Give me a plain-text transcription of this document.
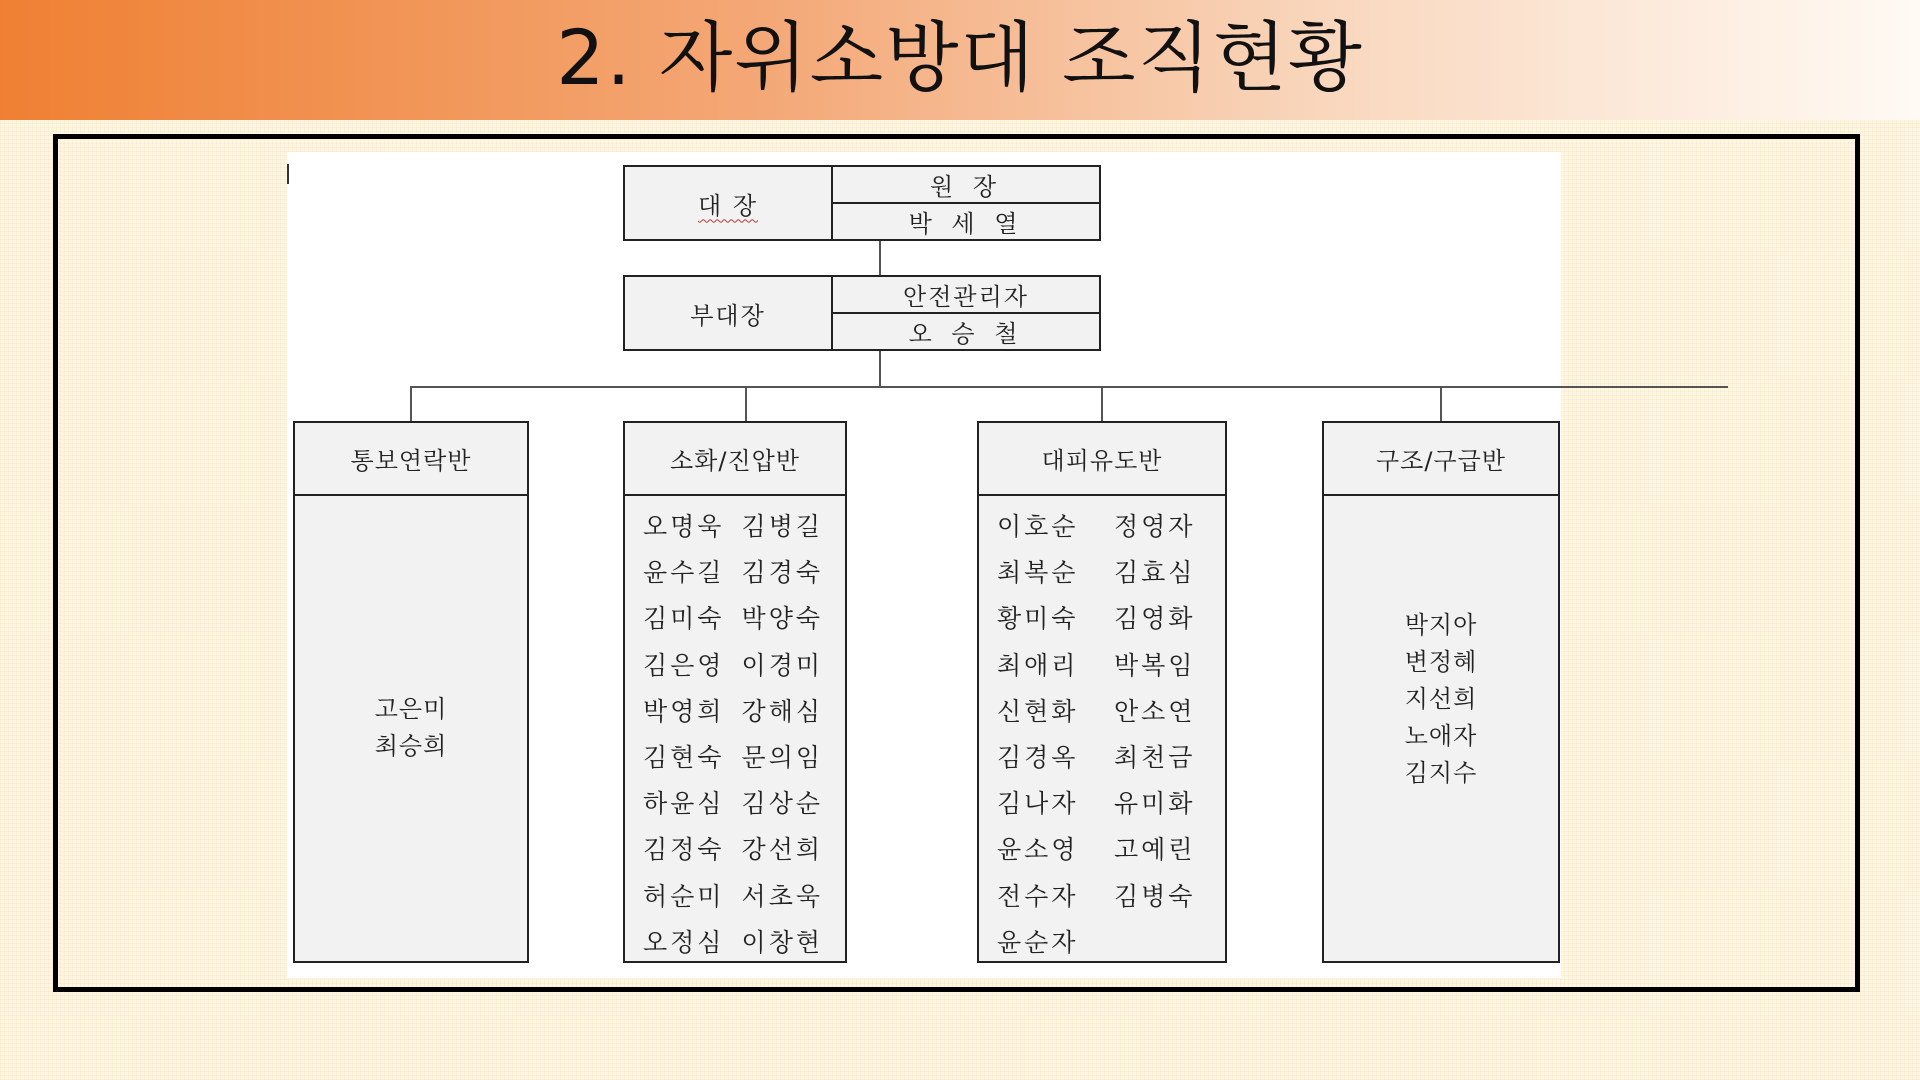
2. 자위소방대 조직현황
대 장
원 장
박 세 열
부대장
안전관리자
오 승 철
통보연락반
고은미
최승희
소화/진압반
오명욱 김병길
윤수길 김경숙
김미숙 박양숙
김은영 이경미
박영희 강해심
김현숙 문의임
하윤심 김상순
김정숙 강선희
허순미 서초욱
오정심 이창현
대피유도반
이호순	정영자
최복순	김효심
황미숙	김영화
최애리	박복임
신현화	안소연
김경옥	최천금
김나자	유미화
윤소영	고예린
전수자	김병숙
윤순자
구조/구급반
박지아
변정혜
지선희
노애자
김지수
